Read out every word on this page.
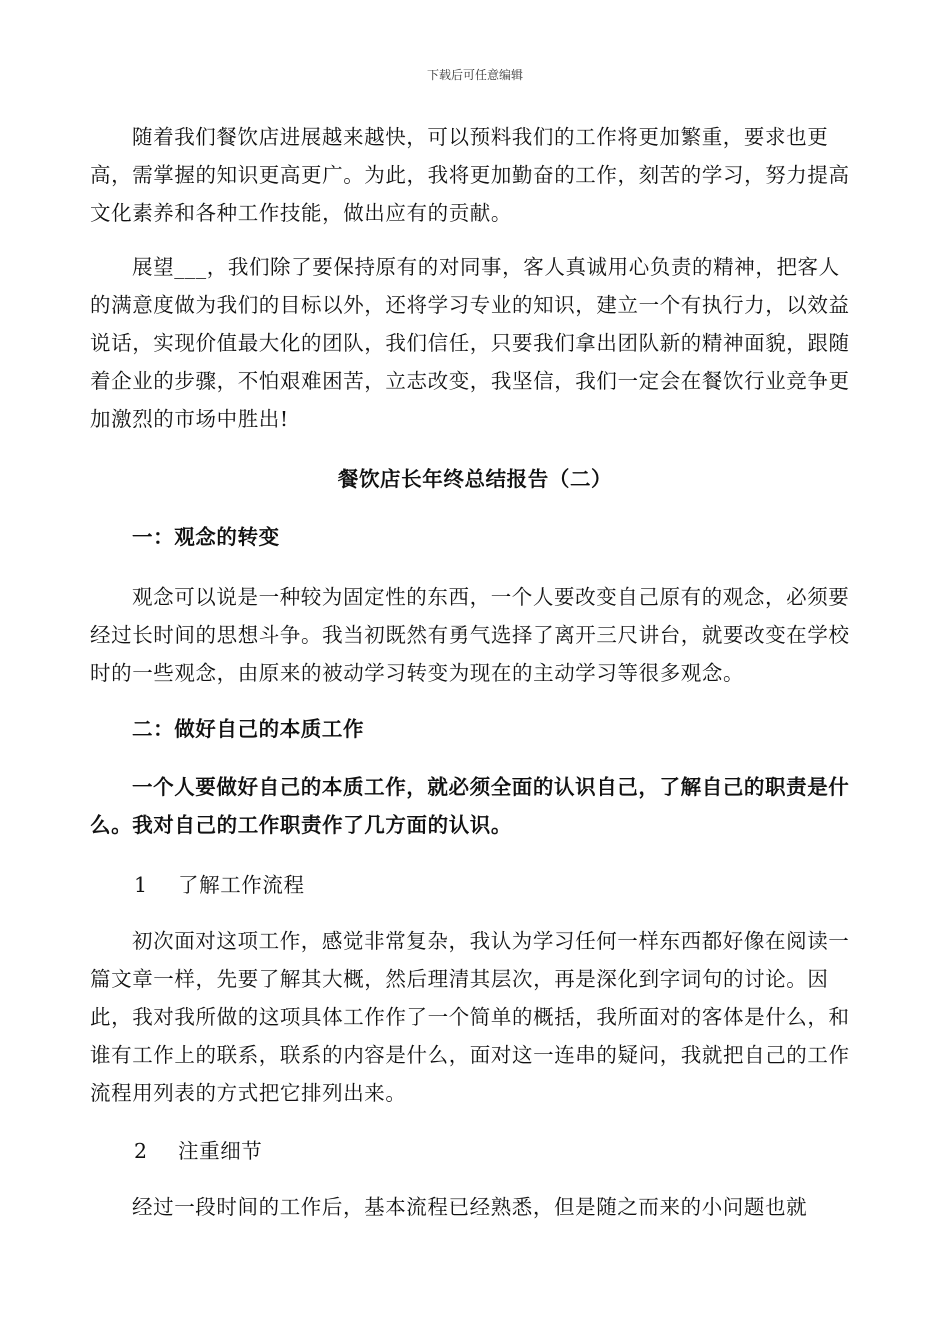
下载后可任意编辑

随着我们餐饮店进展越来越快，可以预料我们的工作将更加繁重，要求也更高，需掌握的知识更高更广。为此，我将更加勤奋的工作，刻苦的学习，努力提高文化素养和各种工作技能，做出应有的贡献。

展望___，我们除了要保持原有的对同事，客人真诚用心负责的精神，把客人的满意度做为我们的目标以外，还将学习专业的知识，建立一个有执行力，以效益说话，实现价值最大化的团队，我们信任，只要我们拿出团队新的精神面貌，跟随着企业的步骤，不怕艰难困苦，立志改变，我坚信，我们一定会在餐饮行业竞争更加激烈的市场中胜出!

餐饮店长年终总结报告（二）

一：观念的转变

观念可以说是一种较为固定性的东西，一个人要改变自己原有的观念，必须要经过长时间的思想斗争。我当初既然有勇气选择了离开三尺讲台，就要改变在学校时的一些观念，由原来的被动学习转变为现在的主动学习等很多观念。

二：做好自己的本质工作

一个人要做好自己的本质工作，就必须全面的认识自己，了解自己的职责是什么。我对自己的工作职责作了几方面的认识。

1 了解工作流程

初次面对这项工作，感觉非常复杂，我认为学习任何一样东西都好像在阅读一篇文章一样，先要了解其大概，然后理清其层次，再是深化到字词句的讨论。因此，我对我所做的这项具体工作作了一个简单的概括，我所面对的客体是什么，和谁有工作上的联系，联系的内容是什么，面对这一连串的疑问，我就把自己的工作流程用列表的方式把它排列出来。

2 注重细节

经过一段时间的工作后，基本流程已经熟悉，但是随之而来的小问题也就
